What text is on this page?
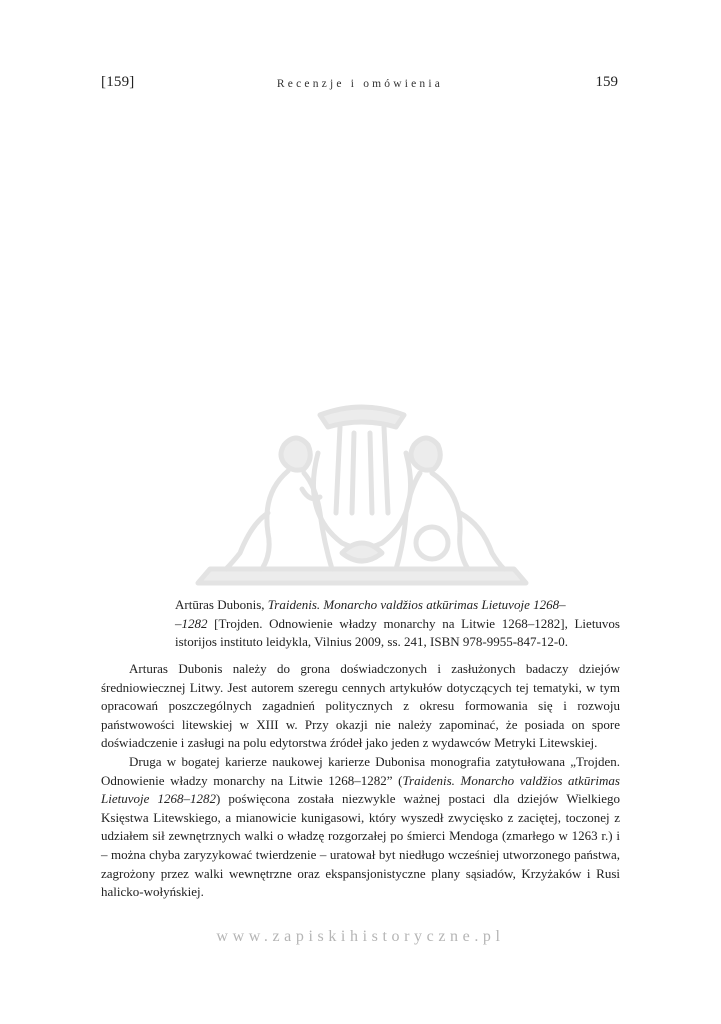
[159]	Recenzje i omówienia	159

Artūras Dubonis, Traidenis. Monarcho valdžios atkūrimas Lietuvoje 1268–
–1282 [Trojden. Odnowienie władzy monarchy na Litwie 1268–1282], Lietuvos istorijos instituto leidykla, Vilnius 2009, ss. 241, ISBN 978-9955-847-12-0.

Arturas Dubonis należy do grona doświadczonych i zasłużonych badaczy dziejów średniowiecznej Litwy. Jest autorem szeregu cennych artykułów dotyczących tej tematyki, w tym opracowań poszczególnych zagadnień politycznych z okresu formowania się i rozwoju państwowości litewskiej w XIII w. Przy okazji nie należy zapominać, że posiada on spore doświadczenie i zasługi na polu edytorstwa źródeł jako jeden z wydawców Metryki Litewskiej.

Druga w bogatej karierze naukowej karierze Dubonisa monografia zatytułowana „Trojden. Odnowienie władzy monarchy na Litwie 1268–1282” (Traidenis. Monarcho valdžios atkūrimas Lietuvoje 1268–1282) poświęcona została niezwykle ważnej postaci dla dziejów Wielkiego Księstwa Litewskiego, a mianowicie kunigasowi, który wyszedł zwycięsko z zaciętej, toczonej z udziałem sił zewnętrznych walki o władzę rozgorzałej po śmierci Mendoga (zmarłego w 1263 r.) i – można chyba zaryzykować twierdzenie – uratował byt niedługo wcześniej utworzonego państwa, zagrożony przez walki wewnętrzne oraz ekspansjonistyczne plany sąsiadów, Krzyżaków i Rusi halicko-wołyńskiej.

www.zapiskihistoryczne.pl
